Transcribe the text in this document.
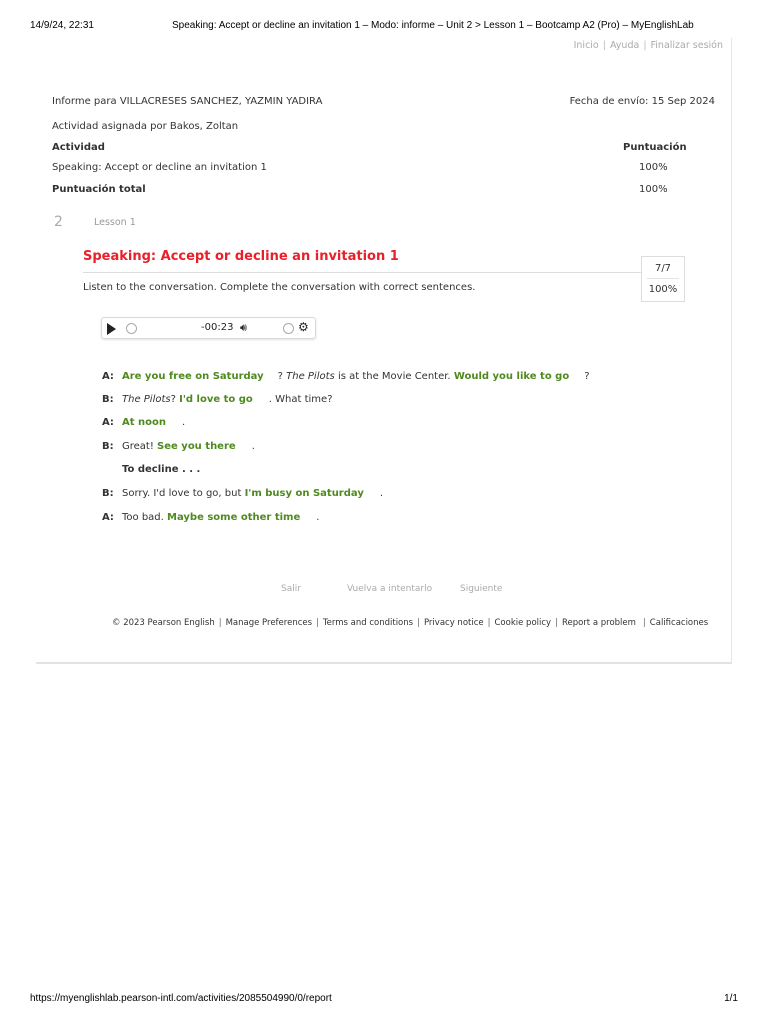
14/9/24, 22:31	Speaking: Accept or decline an invitation 1 – Modo: informe – Unit 2 > Lesson 1 – Bootcamp A2 (Pro) – MyEnglishLab
Inicio | Ayuda | Finalizar sesión
Informe para VILLACRESES SANCHEZ, YAZMIN YADIRA	Fecha de envío: 15 Sep 2024
Actividad asignada por Bakos, Zoltan
Actividad	Puntuación
Speaking: Accept or decline an invitation 1	100%
Puntuación total	100%
2	Lesson 1
Speaking: Accept or decline an invitation 1
Listen to the conversation. Complete the conversation with correct sentences.
7/7
100%
-00:23 🔊︎	⚙
A: Are you free on Saturday ? The Pilots is at the Movie Center. Would you like to go ?
B: The Pilots? I'd love to go . What time?
A: At noon .
B: Great! See you there .
To decline . . .
B: Sorry. I'd love to go, but I'm busy on Saturday .
A: Too bad. Maybe some other time .
Salir	Vuelva a intentarlo	Siguiente
© 2023 Pearson English | Manage Preferences | Terms and conditions | Privacy notice | Cookie policy | Report a problem | Calificaciones
https://myenglishlab.pearson-intl.com/activities/2085504990/0/report	1/1
